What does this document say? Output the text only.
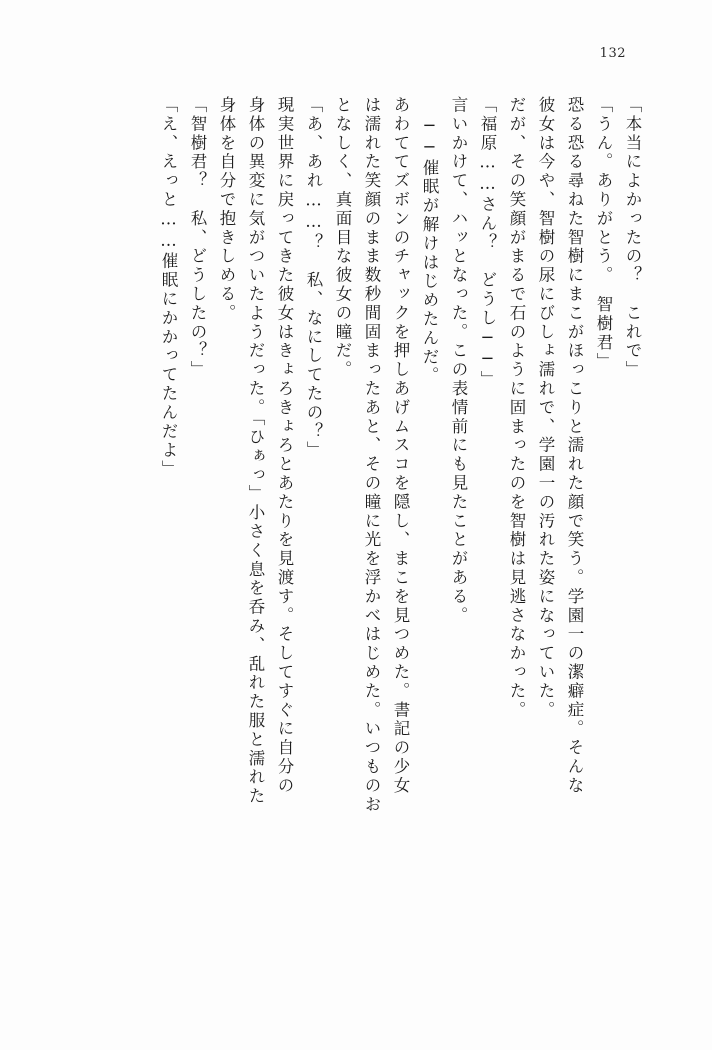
132
「本当によかったの？　これで」
「うん。ありがとう。　智樹君」
恐る恐る尋ねた智樹にまこがほっこりと濡れた顔で笑う。学園一の潔癖症。そんな
彼女は今や、智樹の尿にびしょ濡れで、学園一の汚れた姿になっていた。
だが、その笑顔がまるで石のように固まったのを智樹は見逃さなかった。
「福原……さん？　どうし──」
言いかけて、ハッとなった。この表情前にも見たことがある。
──催眠が解けはじめたんだ。
あわててズボンのチャックを押しあげムスコを隠し、まこを見つめた。書記の少女
は濡れた笑顔のまま数秒間固まったあと、その瞳に光を浮かべはじめた。いつものお
となしく、真面目な彼女の瞳だ。
「あ、あれ……？　私、なにしてたの？」
現実世界に戻ってきた彼女はきょろきょろとあたりを見渡す。そしてすぐに自分の
身体の異変に気がついたようだった。「ひぁっ」小さく息を呑み、乱れた服と濡れた
身体を自分で抱きしめる。
「智樹君？　私、どうしたの？」
「え、えっと……催眠にかかってたんだよ」
